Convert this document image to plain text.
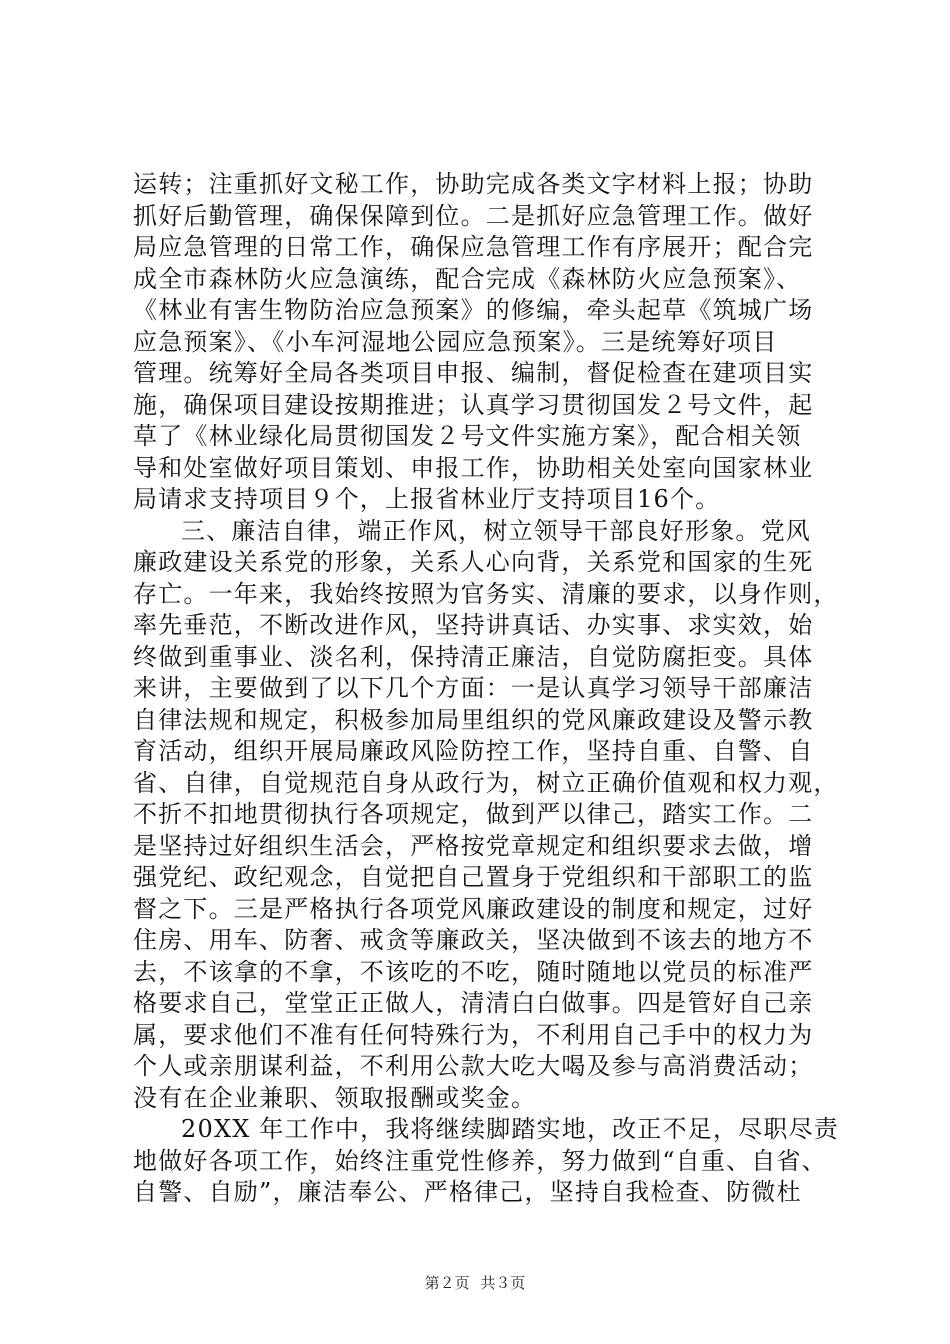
运转；注重抓好文秘工作，协助完成各类文字材料上报；协助
抓好后勤管理，确保保障到位。二是抓好应急管理工作。做好
局应急管理的日常工作，确保应急管理工作有序展开；配合完
成全市森林防火应急演练，配合完成《森林防火应急预案》、
《林业有害生物防治应急预案》的修编，牵头起草《筑城广场
应急预案》、《小车河湿地公园应急预案》。三是统筹好项目
管理。统筹好全局各类项目申报、编制，督促检查在建项目实
施，确保项目建设按期推进；认真学习贯彻国发２号文件，起
草了《林业绿化局贯彻国发２号文件实施方案》，配合相关领
导和处室做好项目策划、申报工作，协助相关处室向国家林业
局请求支持项目９个，上报省林业厅支持项目16个。
三、廉洁自律，端正作风，树立领导干部良好形象。党风
廉政建设关系党的形象，关系人心向背，关系党和国家的生死
存亡。一年来，我始终按照为官务实、清廉的要求，以身作则，
率先垂范，不断改进作风，坚持讲真话、办实事、求实效，始
终做到重事业、淡名利，保持清正廉洁，自觉防腐拒变。具体
来讲，主要做到了以下几个方面：一是认真学习领导干部廉洁
自律法规和规定，积极参加局里组织的党风廉政建设及警示教
育活动，组织开展局廉政风险防控工作，坚持自重、自警、自
省、自律，自觉规范自身从政行为，树立正确价值观和权力观，
不折不扣地贯彻执行各项规定，做到严以律己，踏实工作。二
是坚持过好组织生活会，严格按党章规定和组织要求去做，增
强党纪、政纪观念，自觉把自己置身于党组织和干部职工的监
督之下。三是严格执行各项党风廉政建设的制度和规定，过好
住房、用车、防奢、戒贪等廉政关，坚决做到不该去的地方不
去，不该拿的不拿，不该吃的不吃，随时随地以党员的标准严
格要求自己，堂堂正正做人，清清白白做事。四是管好自己亲
属，要求他们不准有任何特殊行为，不利用自己手中的权力为
个人或亲朋谋利益，不利用公款大吃大喝及参与高消费活动；
没有在企业兼职、领取报酬或奖金。
20XX 年工作中，我将继续脚踏实地，改正不足，尽职尽责
地做好各项工作，始终注重党性修养，努力做到“自重、自省、
自警、自励”，廉洁奉公、严格律己，坚持自我检查、防微杜
第２页 共３页
